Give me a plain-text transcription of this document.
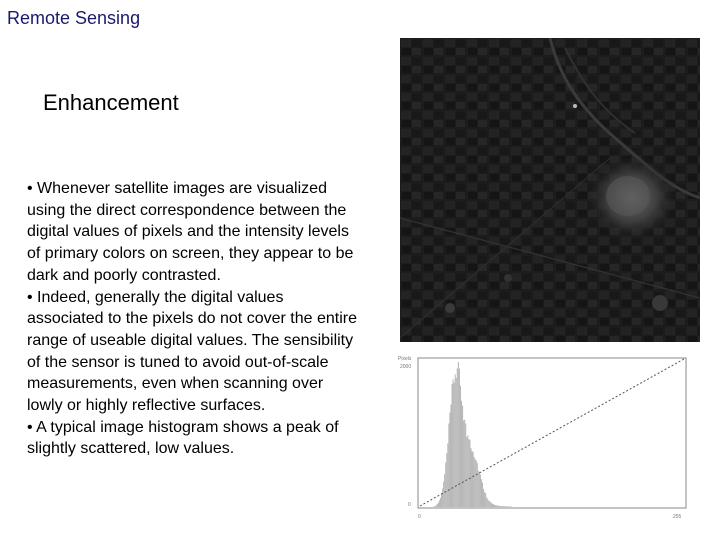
Remote Sensing
Enhancement

• Whenever satellite images are visualized using the direct correspondence between the digital values of pixels and the intensity levels of primary colors on screen, they appear to be dark and poorly contrasted.

• Indeed, generally the digital values associated to the pixels do not cover the entire range of useable digital values. The sensibility of the sensor is tuned to avoid out-of-scale measurements, even when scanning over lowly or highly reflective surfaces.

• A typical image histogram shows a peak of slightly scattered, low values.

Pixels
2000
0
0	255
